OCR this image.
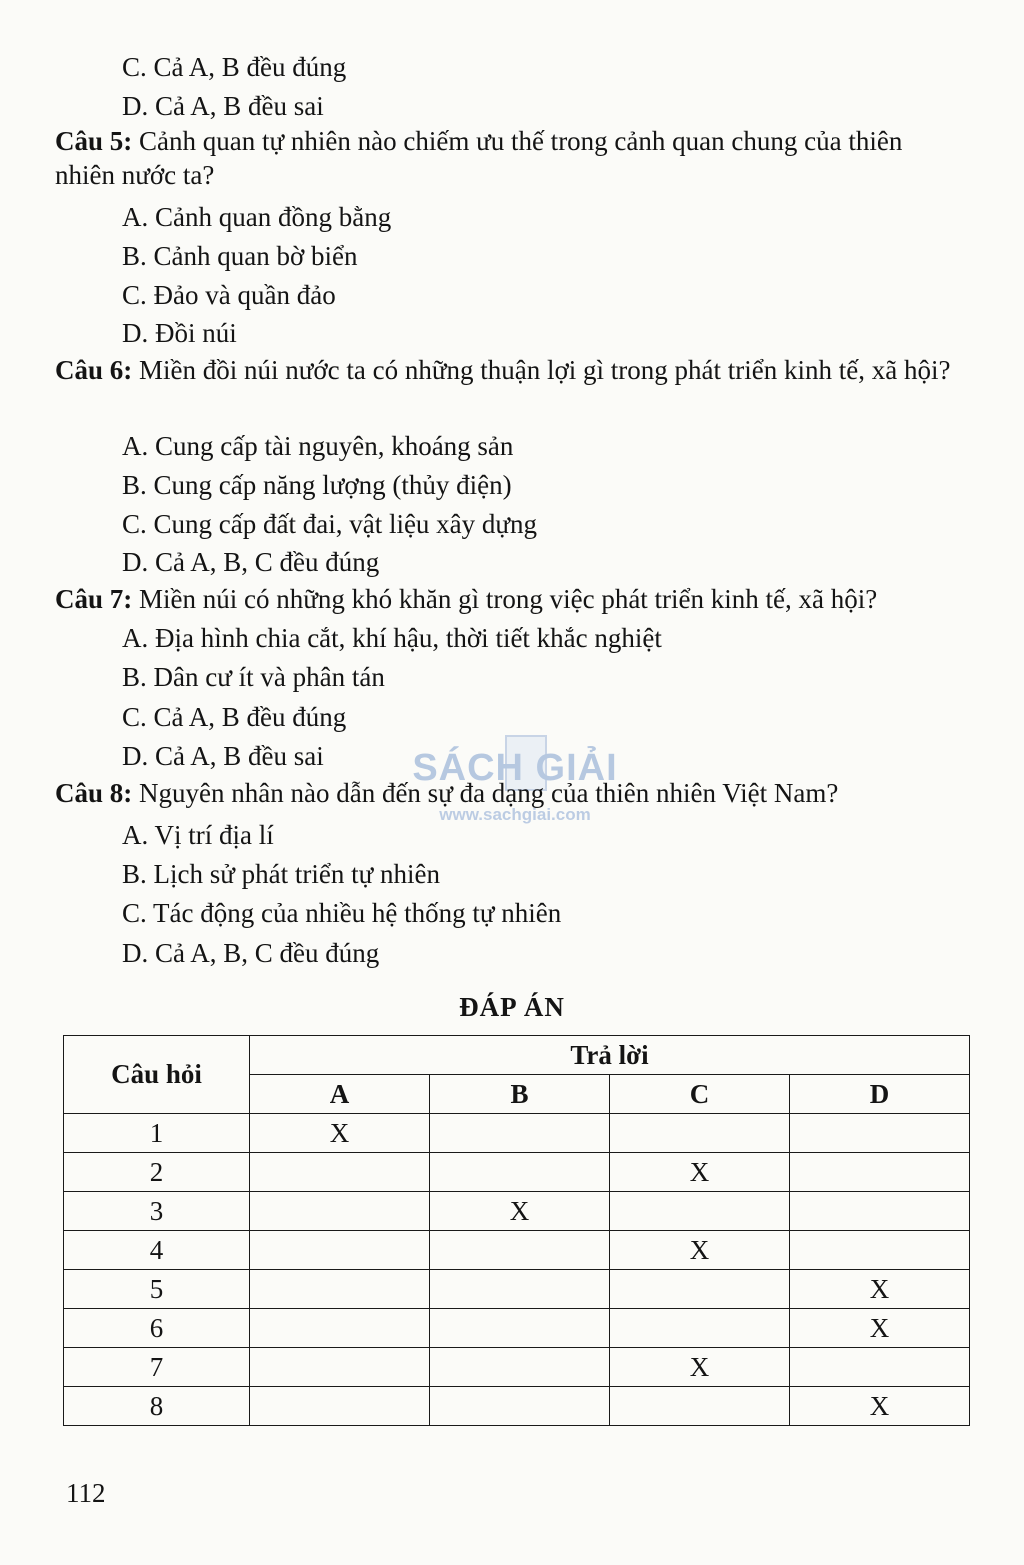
C. Cả A, B đều đúng
D. Cả A, B đều sai
Câu 5: Cảnh quan tự nhiên nào chiếm ưu thế trong cảnh quan chung của thiên nhiên nước ta?
A. Cảnh quan đồng bằng
B. Cảnh quan bờ biển
C. Đảo và quần đảo
D. Đồi núi
Câu 6: Miền đồi núi nước ta có những thuận lợi gì trong phát triển kinh tế, xã hội?
A. Cung cấp tài nguyên, khoáng sản
B. Cung cấp năng lượng (thủy điện)
C. Cung cấp đất đai, vật liệu xây dựng
D. Cả A, B, C đều đúng
Câu 7: Miền núi có những khó khăn gì trong việc phát triển kinh tế, xã hội?
A. Địa hình chia cắt, khí hậu, thời tiết khắc nghiệt
B. Dân cư ít và phân tán
C. Cả A, B đều đúng
D. Cả A, B đều sai SÁCH GIẢI
www.sachgiai.com
Câu 8: Nguyên nhân nào dẫn đến sự đa dạng của thiên nhiên Việt Nam?
A. Vị trí địa lí
B. Lịch sử phát triển tự nhiên
C. Tác động của nhiều hệ thống tự nhiên
D. Cả A, B, C đều đúng
ĐÁP ÁN
Câu hỏi	Trả lời			
	A	B	C	D
1	X			
2			X	
3		X		
4			X	
5				X
6				X
7			X	
8				X
112
